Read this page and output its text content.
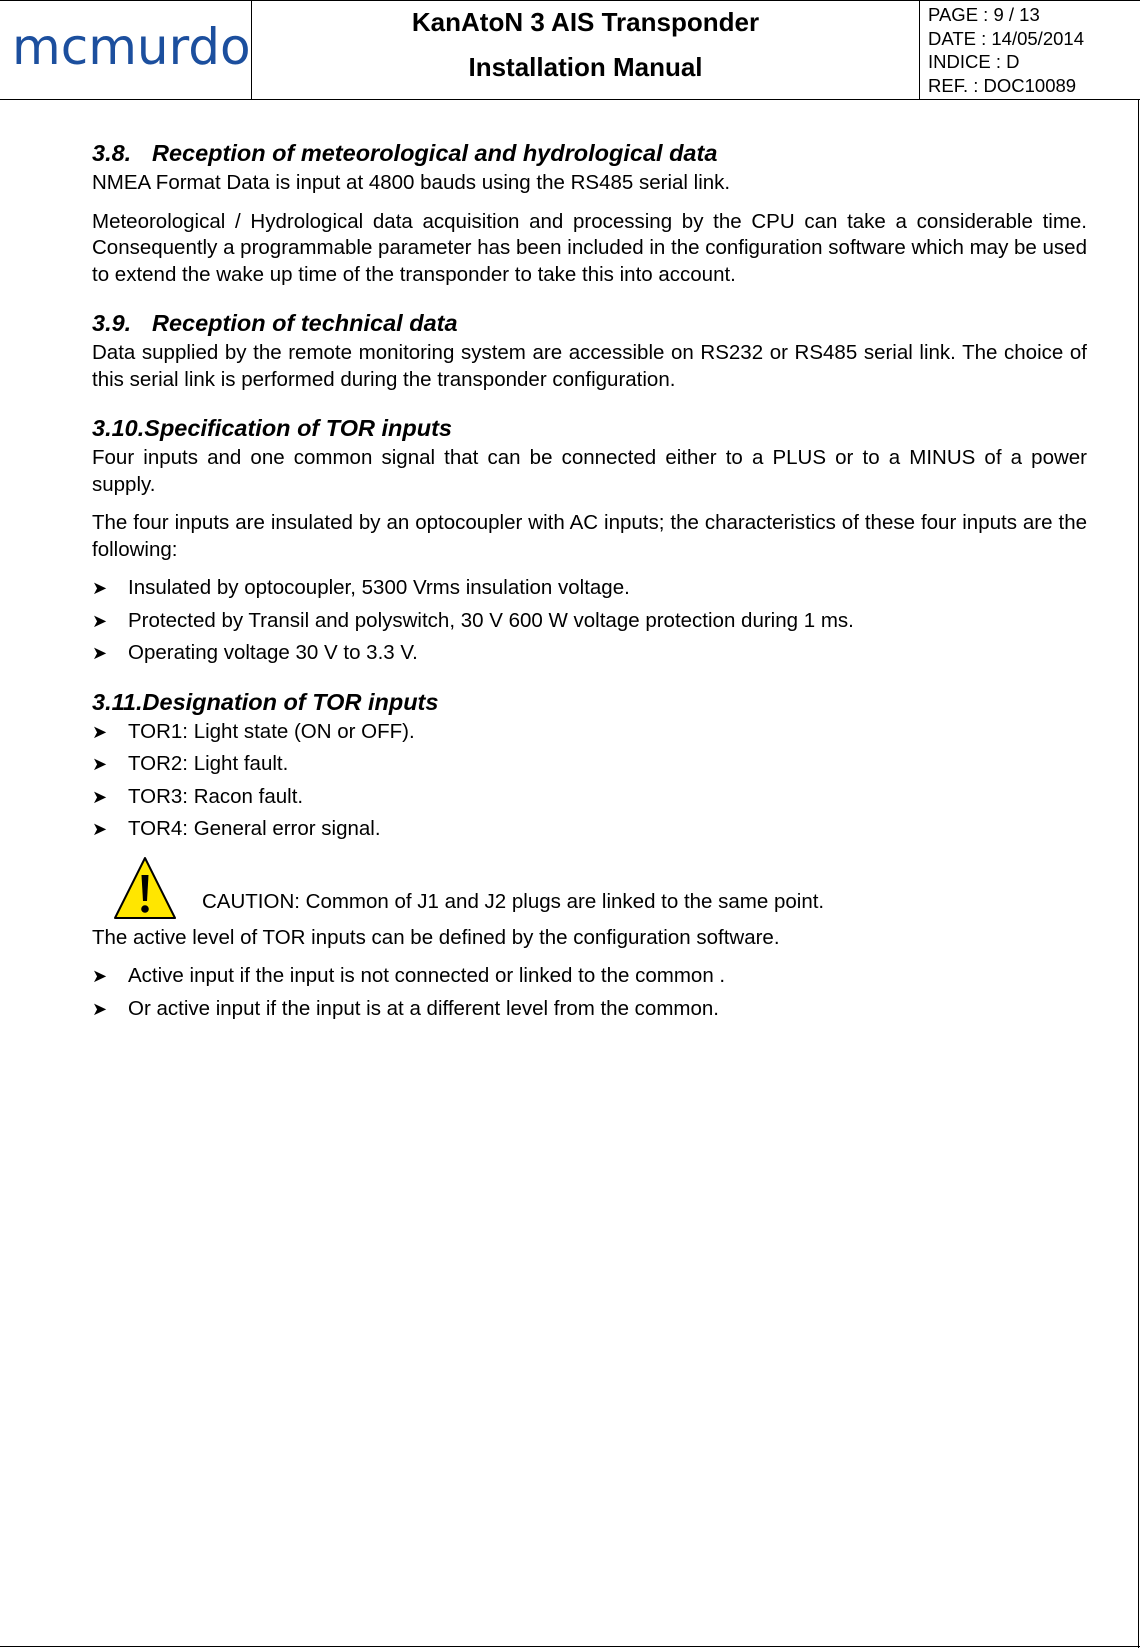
mcmurdo	KanAtoN 3 AIS Transponder
Installation Manual
PAGE : 9 / 13
DATE : 14/05/2014
INDICE : D
REF. : DOC10089
3.8. Reception of meteorological and hydrological data

NMEA Format Data is input at 4800 bauds using the RS485 serial link.

Meteorological / Hydrological data acquisition and processing by the CPU can take a considerable time. Consequently a programmable parameter has been included in the configuration software which may be used to extend the wake up time of the transponder to take this into account.

3.9. Reception of technical data

Data supplied by the remote monitoring system are accessible on RS232 or RS485 serial link. The choice of this serial link is performed during the transponder configuration.

3.10. Specification of TOR inputs

Four inputs and one common signal that can be connected either to a PLUS or to a MINUS of a power supply.

The four inputs are insulated by an optocoupler with AC inputs; the characteristics of these four inputs are the following:

➤ Insulated by optocoupler, 5300 Vrms insulation voltage.
➤ Protected by Transil and polyswitch, 30 V 600 W voltage protection during 1 ms.
➤ Operating voltage 30 V to 3.3 V.
3.11. Designation of TOR inputs
➤ TOR1: Light state (ON or OFF).
➤ TOR2: Light fault.
➤ TOR3: Racon fault.
➤ TOR4: General error signal.
CAUTION: Common of J1 and J2 plugs are linked to the same point.

The active level of TOR inputs can be defined by the configuration software.

➤ Active input if the input is not connected or linked to the common .
➤ Or active input if the input is at a different level from the common.
